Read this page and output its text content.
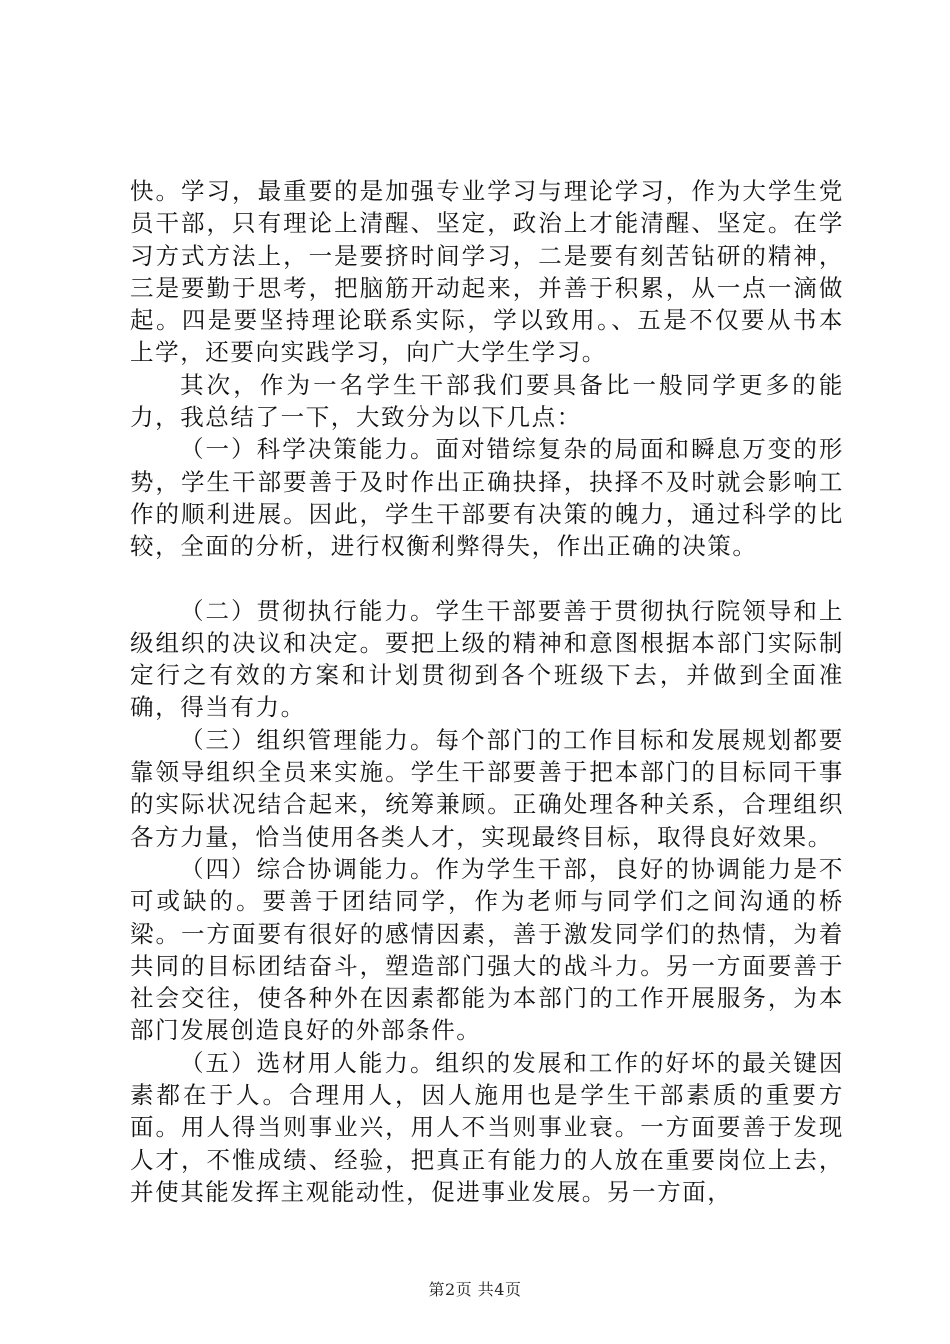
快。学习，最重要的是加强专业学习与理论学习，作为大学生党员干部，只有理论上清醒、坚定，政治上才能清醒、坚定。在学习方式方法上，一是要挤时间学习，二是要有刻苦钻研的精神，三是要勤于思考，把脑筋开动起来，并善于积累，从一点一滴做起。四是要坚持理论联系实际，学以致用。、五是不仅要从书本上学，还要向实践学习，向广大学生学习。

其次，作为一名学生干部我们要具备比一般同学更多的能力，我总结了一下，大致分为以下几点：

（一）科学决策能力。面对错综复杂的局面和瞬息万变的形势，学生干部要善于及时作出正确抉择，抉择不及时就会影响工作的顺利进展。因此，学生干部要有决策的魄力，通过科学的比较，全面的分析，进行权衡利弊得失，作出正确的决策。

（二）贯彻执行能力。学生干部要善于贯彻执行院领导和上级组织的决议和决定。要把上级的精神和意图根据本部门实际制定行之有效的方案和计划贯彻到各个班级下去，并做到全面准确，得当有力。

（三）组织管理能力。每个部门的工作目标和发展规划都要靠领导组织全员来实施。学生干部要善于把本部门的目标同干事的实际状况结合起来，统筹兼顾。正确处理各种关系，合理组织各方力量，恰当使用各类人才，实现最终目标，取得良好效果。

（四）综合协调能力。作为学生干部，良好的协调能力是不可或缺的。要善于团结同学，作为老师与同学们之间沟通的桥梁。一方面要有很好的感情因素，善于激发同学们的热情，为着共同的目标团结奋斗，塑造部门强大的战斗力。另一方面要善于社会交往，使各种外在因素都能为本部门的工作开展服务，为本部门发展创造良好的外部条件。

（五）选材用人能力。组织的发展和工作的好坏的最关键因素都在于人。合理用人，因人施用也是学生干部素质的重要方面。用人得当则事业兴，用人不当则事业衰。一方面要善于发现人才，不惟成绩、经验，把真正有能力的人放在重要岗位上去，并使其能发挥主观能动性，促进事业发展。另一方面，

第2页 共4页
